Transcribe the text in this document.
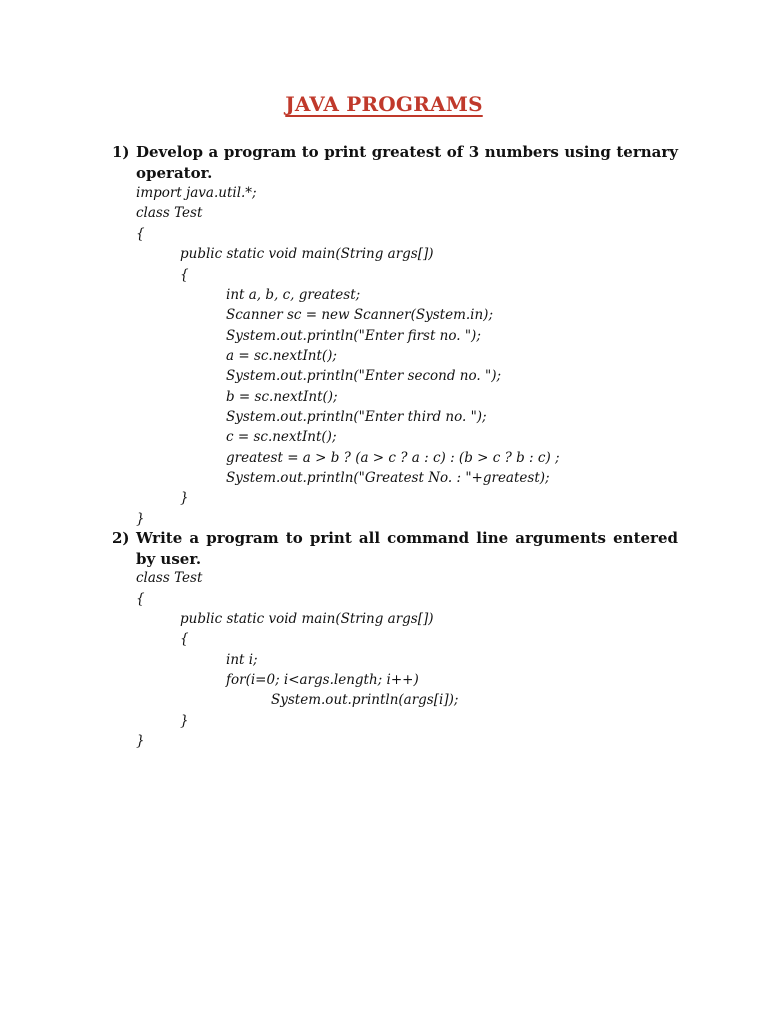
JAVA PROGRAMS
1) Develop a program to print greatest of 3 numbers using ternary operator.
import java.util.*;
class Test
{
public static void main(String args[])
{
int a, b, c, greatest;
Scanner sc = new Scanner(System.in);
System.out.println("Enter first no. ");
a = sc.nextInt();
System.out.println("Enter second no. ");
b = sc.nextInt();
System.out.println("Enter third no. ");
c = sc.nextInt();
greatest = a > b ? (a > c ? a : c) : (b > c ? b : c) ;
System.out.println("Greatest No. : "+greatest);
}
}
2) Write a program to print all command line arguments entered by user.
class Test
{
public static void main(String args[])
{
int i;
for(i=0; i<args.length; i++)
System.out.println(args[i]);
}
}
